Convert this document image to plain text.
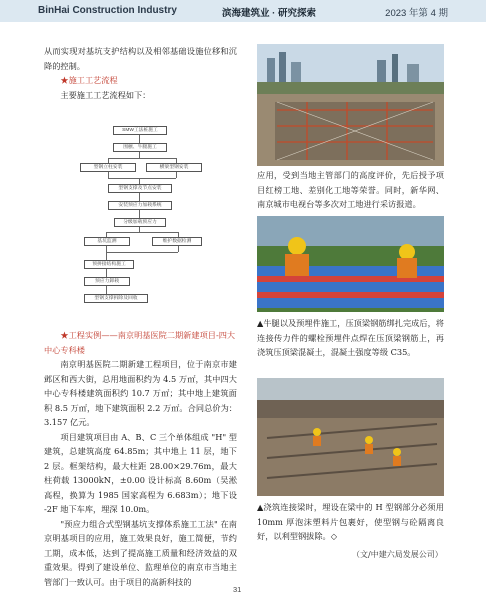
BinHai Construction Industry	滨海建筑业 · 研究探索	2023 年第 4 期

从而实现对基坑支护结构以及相邻基础设施位移和沉降的控制。

★施工工艺流程

主要施工工艺流程如下：

SMW工法桩施工
围檩、牛腿施工
型钢立柱安装	横梁型钢安装
型钢支撑及节点安装
安装预应力加载系统
分级加载预应力
基坑监测	维护数据检测
预拼接结构施工
预应力卸载
型钢支撑拆除及回收

★工程实例——南京明基医院二期新建项目-四大中心专科楼

南京明基医院二期新建工程项目，位于南京市建邺区和西大街，总用地面积约为 4.5 万㎡，其中四大中心专科楼建筑面积约 10.7 万㎡；其中地上建筑面积 8.5 万㎡，地下建筑面积 2.2 万㎡。合同总价为：3.157 亿元。

项目建筑项目由 A、B、C 三个单体组成 "H" 型建筑，总建筑高度 64.85m；其中地上 11 层，地下 2 层。框架结构，最大柱距 28.00×29.76m，最大柱荷载 13000kN，±0.00 设计标高 8.60m（吴淞高程，换算为 1985 国家高程为 6.683m）；地下设 -2F 地下车库，埋深 10.0m。

"预应力组合式型钢基坑支撑体系施工工法" 在南京明基项目的应用，施工效果良好，施工简便，节约工期，成本低，达到了提高施工质量和经济效益的双重效果。得到了建设单位、监理单位的南京市当地主管部门一致认可。由于项目的高新科技的

应用，受到当地主管部门的高度评价，先后授予项目红榜工地、差别化工地等荣誉。同时，新华网、南京城市电视台等多次对工地进行采访报道。
▲牛腿以及预埋件施工，压顶梁钢筋绑扎完成后，将连接传力件的螺栓预埋件点焊在压顶梁钢筋上，再浇筑压顶梁混凝土，混凝土强度等级 C35。
▲浇筑连接梁时，埋设在梁中的 H 型钢部分必须用 10mm 厚泡沫塑料片包裹好，使型钢与砼隔离良好，以利型钢拔除。◇
（文/中建六局发展公司）
31
